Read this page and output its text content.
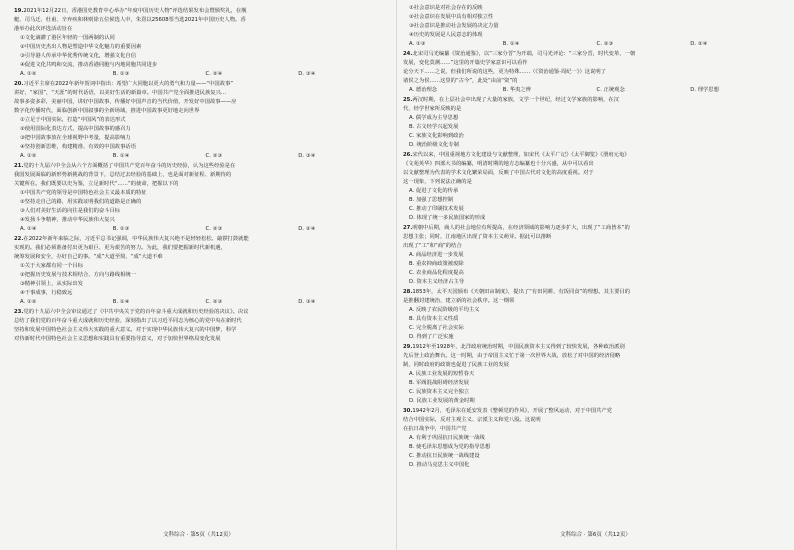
19.2021年12月22日，香港国史教育中心举办“年度中国历史人物”评选结果发布会暨颁奖礼，在舰
艇、司马迁、杜甫、辛弃疾和林则徐五位候选人中，朱熹以25608票当选2021年中国历史人物。香
港举办此次评选活动旨在
①文化滴灌了港区年轻的一国两制的认同
②中国历史杰出人物是塑造中华文化魅力的重要因素
③引导港人传承中华优秀传统文化，增强文化自信
④促进文化共鸣和交流，推动香港同胞与内地同胞共同进步
A. ①②	B. ①③	C. ②④	D. ③④
20.习近平主席在2022年新年贺词中指出：希望广大同胞以更大的勇气和力量——“中国故事”
讲好，“家国”，“天涯”的时代话语，以美好生活的新篇章。中国共产党全面推进民族复兴...
故事多姿多彩，美丽中国，讲好中国故事，传播好中国声音的当代价值，开发好中国故事——应
数字化传播时代，面临创新中国叙事的全新场域，推进中国故事更好地走向世界
①立足于中国实际，打造“中国风”的表达形式
②使用国际化表达方式，提高中国故事的感召力
③把中国故事放在全球视野中考量，提高影响力
④坚持创新思维，构建精准、有效的中国故事话语
A. ①②	B. ①④	C. ②③	D. ③④
21.党的十九届六中全会从六个方面概括了中国共产党百年奋斗的历史经验，认为这些经验是在
我国发展面临的新形势新挑战的背景下，总结过去经验的基础上，也是面对新征程、新期待的
关键所在。我们既要以史为鉴，立足新时代“……”的使命，把握以下的
①中国共产党的领导是中国特色社会主义最本质的特征
②坚持走自己的路，用实践证明我们的道路是正确的
③人们对美好生活的向往是我们的奋斗目标
④发扬斗争精神，推动中华民族伟大复兴
A. ①④	B. ①③	C. ②③	D. ②④
22.在2022年新年来临之际，习近平总书记强调，中华民族伟大复兴绝不是轻轻松松、敲锣打鼓就能
实现的。我们必须准备付出更为艰巨、更为艰苦的努力。为此，我们要把握新时代新机遇，
统筹发展和安全，办好自己的事。“成”大道至简，“成”大道不难
①关于大家都有同一个目标
②把握历史发展与技术相结合、方向与路线相统一
③精神引领上，从实际出发
④干事成事，行稳致远
A. ①②	B. ①④	C. ②③	D. ③④
23.党的十九届六中全会审议通过了《中共中央关于党的百年奋斗重大成就和历史经验的决议》。决议
总结了我们党的百年奋斗重大成就和历史经验，深刻指出了以习近平同志为核心的党中央在新时代
坚持和发展中国特色社会主义伟大实践的重大意义。对于实现中华民族伟大复兴的中国梦，科学
对待新时代中国特色社会主义思想和实践具有重要指导意义，对于加快世界格局变化发展
文科综合 · 第5页（共12页）
①社会意识是对社会存在的反映
②社会意识在发展中具有相对独立性
③社会意识是推动社会发展的决定力量
④历史的发展是人民意志的体现
A. ①③	B. ①④	C. ②③	D. ②④
24.北宋司马光编纂《资治通鉴》，以“三家分晋”为开端，司马光评论：“三家分晋，时代变革，一朝
发展，变化莫测……”这里的开篇史学家意识可以看作
论分天下……之说，但我们所说的这些，更为特殊……（《资治通鉴·周纪一》）这说明了
诸侯之为侯……这里的“古今”，此处“由前“资”的
A. 德治理念	B. 华夷之辨	C. 正统观念	D. 理学思想
25.两汉时期，在上层社会中出现了大量的家族，文学一个世纪，经过文学家族的影响，在汉
代，经学世家所反映的是
A. 儒学成为主导思想
B. 古文经学兴起发展
C. 家族文化影响到政治
D. 统治阶级文化专制
26.宋代以来，中国重视地方文化建设与文献整理，如宋代《太平广记》《太平御览》《册府元龟》
《文苑英华》四部大书的编纂，明清时期的地方志编纂也十分兴盛，从中可以看出
以文献整理为代表的学术文化繁荣局面，反映了中国古代对文化的高度重视。对于
这一现象，下列说法正确的是
A. 促进了文化的传承
B. 加强了思想控制
C. 推动了印刷技术发展
D. 体现了统一多民族国家的形成
27.明朝中后期，商人的社会地位有所提高，在经济领域的影响力逐步扩大，出现了“工商皆本”的
思想主张；同时，江南地区出现了资本主义萌芽。据此可以推断
出现了“工”和“商”的结合
A. 商品经济进一步发展
B. 重农抑商政策被废除
C. 农业商品化程度提高
D. 资本主义经济占主导
28.1853年，太平天国颁布《天朝田亩制度》，提出了“有田同耕，有饭同食”的理想。其主要目的
是推翻封建统治，建立新的社会秩序。这一纲领
A. 反映了农民阶级的平均主义
B. 具有资本主义性质
C. 完全脱离了社会实际
D. 得到了广泛实施
29.1912年至1928年，北洋政府统治时期，中国民族资本主义得到了较快发展，各种政治派别
先后登上政治舞台。这一时期，由于帝国主义忙于第一次世界大战，放松了对中国的经济侵略
制，同时政府的政策也促进了民族工业的发展
A. 民族工业发展的短暂春天
B. 军阀混战阻碍经济发展
C. 民族资本主义完全独立
D. 民族工业发展的黄金时期
30.1942年2月，毛泽东在延安发表《整顿党的作风》，开展了整风运动，对于中国共产党
结合中国实际，反对主观主义、宗派主义和党八股。这说明
在抗日战争中，中国共产党
A. 有利于巩固抗日民族统一战线
B. 使毛泽东思想成为党的指导思想
C. 推动抗日民族统一战线建设
D. 推动马克思主义中国化
文科综合 · 第6页（共12页）
